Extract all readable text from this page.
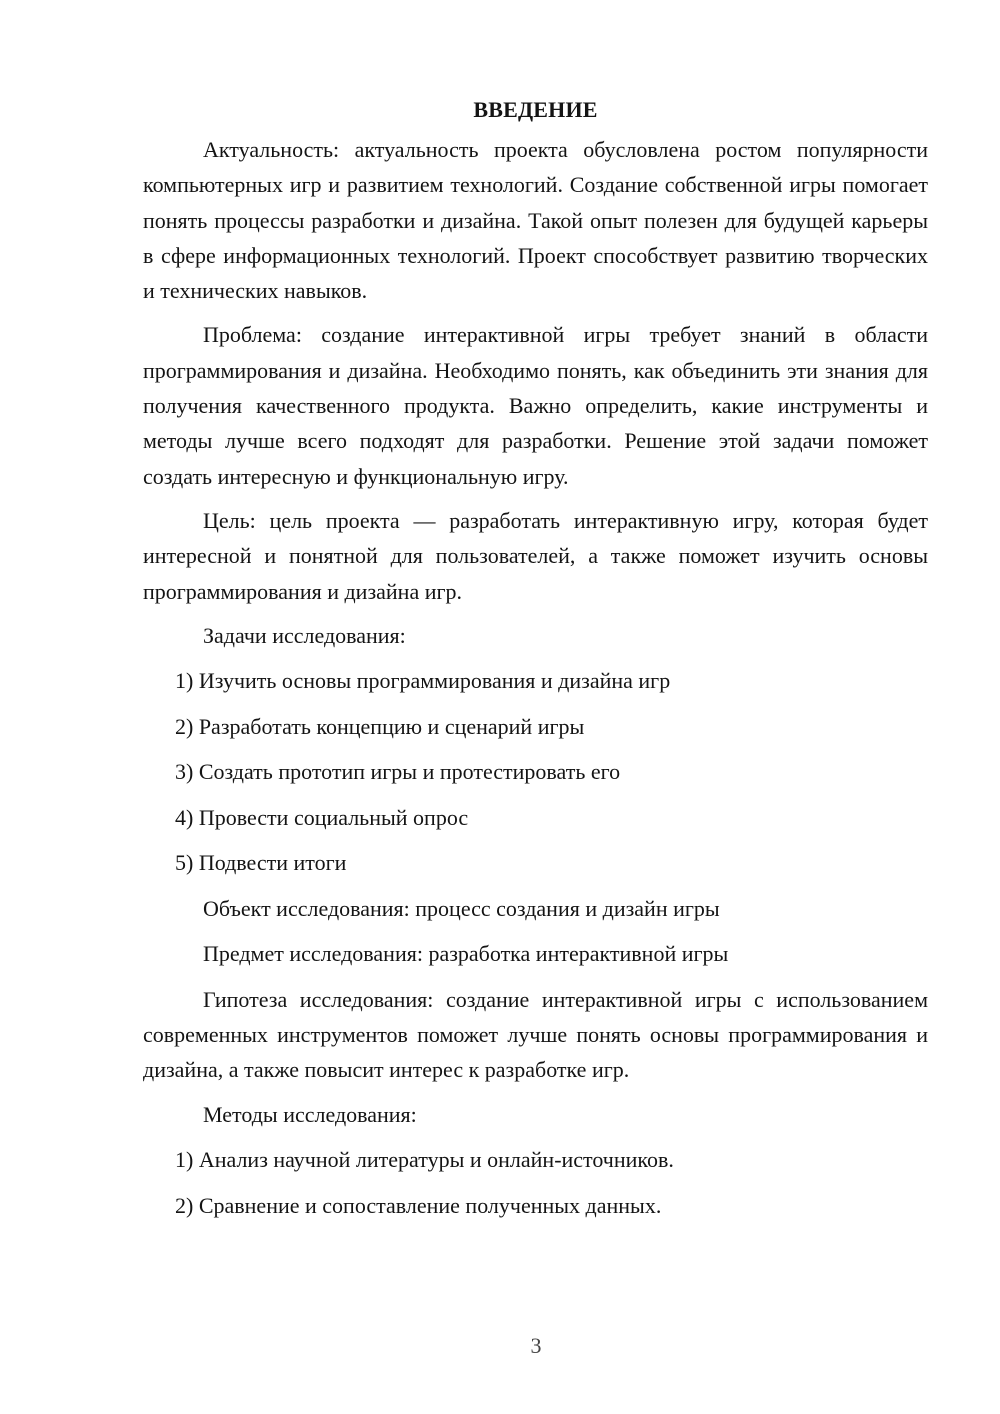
ВВЕДЕНИЕ

Актуальность: актуальность проекта обусловлена ростом популярности компьютерных игр и развитием технологий. Создание собственной игры помогает понять процессы разработки и дизайна. Такой опыт полезен для будущей карьеры в сфере информационных технологий. Проект способствует развитию творческих и технических навыков.

Проблема: создание интерактивной игры требует знаний в области программирования и дизайна. Необходимо понять, как объединить эти знания для получения качественного продукта. Важно определить, какие инструменты и методы лучше всего подходят для разработки. Решение этой задачи поможет создать интересную и функциональную игру.

Цель: цель проекта — разработать интерактивную игру, которая будет интересной и понятной для пользователей, а также поможет изучить основы программирования и дизайна игр.

Задачи исследования:
1) Изучить основы программирования и дизайна игр
2) Разработать концепцию и сценарий игры
3) Создать прототип игры и протестировать его
4) Провести социальный опрос
5) Подвести итоги
Объект исследования: процесс создания и дизайн игры
Предмет исследования: разработка интерактивной игры

Гипотеза исследования: создание интерактивной игры с использованием современных инструментов поможет лучше понять основы программирования и дизайна, а также повысит интерес к разработке игр.

Методы исследования:
1) Анализ научной литературы и онлайн-источников.
2) Сравнение и сопоставление полученных данных.
3
